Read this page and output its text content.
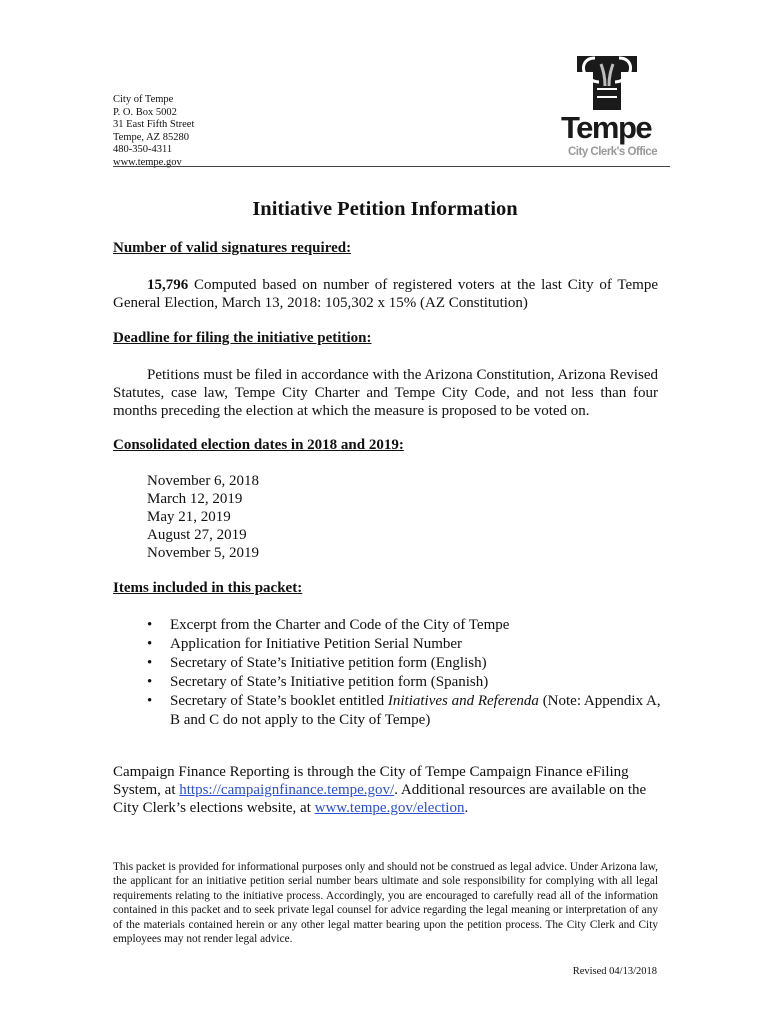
City of Tempe
P. O. Box 5002
31 East Fifth Street
Tempe, AZ 85280
480-350-4311
www.tempe.gov
Tempe
City Clerk's Office
Initiative Petition Information
Number of valid signatures required:
15,796 Computed based on number of registered voters at the last City of Tempe General Election, March 13, 2018: 105,302 x 15% (AZ Constitution)
Deadline for filing the initiative petition:
Petitions must be filed in accordance with the Arizona Constitution, Arizona Revised Statutes, case law, Tempe City Charter and Tempe City Code, and not less than four months preceding the election at which the measure is proposed to be voted on.
Consolidated election dates in 2018 and 2019:
November 6, 2018
March 12, 2019
May 21, 2019
August 27, 2019
November 5, 2019
Items included in this packet:
• Excerpt from the Charter and Code of the City of Tempe
• Application for Initiative Petition Serial Number
• Secretary of State’s Initiative petition form (English)
• Secretary of State’s Initiative petition form (Spanish)
• Secretary of State’s booklet entitled Initiatives and Referenda (Note: Appendix A, B and C do not apply to the City of Tempe)
Campaign Finance Reporting is through the City of Tempe Campaign Finance eFiling System, at https://campaignfinance.tempe.gov/. Additional resources are available on the City Clerk’s elections website, at www.tempe.gov/election.
This packet is provided for informational purposes only and should not be construed as legal advice. Under Arizona law, the applicant for an initiative petition serial number bears ultimate and sole responsibility for complying with all legal requirements relating to the initiative process. Accordingly, you are encouraged to carefully read all of the information contained in this packet and to seek private legal counsel for advice regarding the legal meaning or interpretation of any of the materials contained herein or any other legal matter bearing upon the petition process. The City Clerk and City employees may not render legal advice.
Revised 04/13/2018
